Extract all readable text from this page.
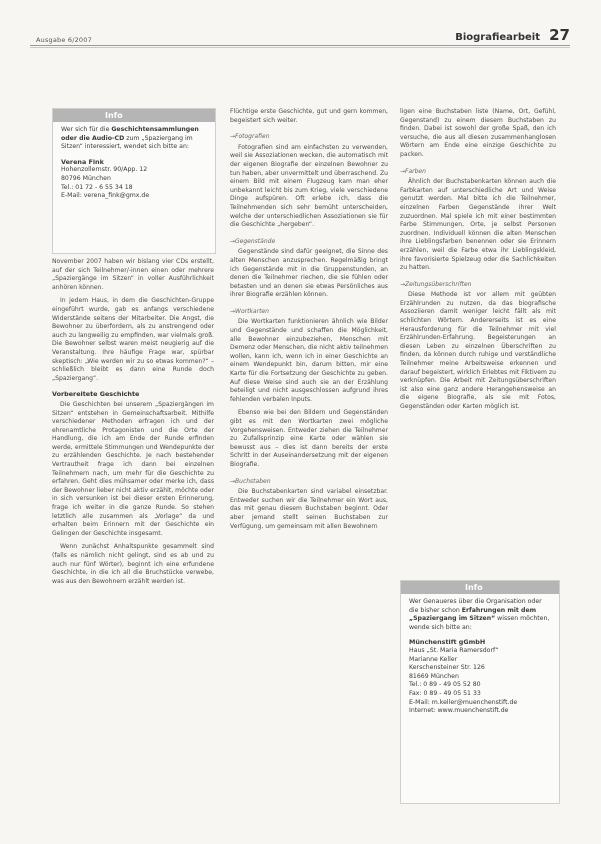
Ausgabe 6/2007	Biografiearbeit 27
Info

Wer sich für die Geschichtensammlungen oder die Audio-CD zum „Spaziergang im Sitzen“ interessiert, wendet sich bitte an:

Verena Fink

Hohenzollernstr. 90/App. 12

80796 München

Tel.: 01 72 - 6 55 34 18

E-Mail: verena_fink@gmx.de

November 2007 haben wir bislang vier CDs erstellt, auf der sich Teilnehmer/-innen einen oder mehrere „Spaziergänge im Sitzen“ in voller Ausführlichkeit anhören können.

In jedem Haus, in dem die Geschichten-Gruppe eingeführt wurde, gab es anfangs verschiedene Widerstände seitens der Mitarbeiter. Die Angst, die Bewohner zu überfordern, als zu anstrengend oder auch zu langweilig zu empfinden, war vielmals groß. Die Bewohner selbst waren meist neugierig auf die Veranstaltung. Ihre häufige Frage war, spürbar skeptisch: „Wie werden wir zu so etwas kommen?“ – schließlich bleibt es dann eine Runde doch „Spaziergang“.

Vorbereitete Geschichte

Die Geschichten bei unserem „Spaziergängen im Sitzen“ entstehen in Gemeinschaftsarbeit. Mithilfe verschiedener Methoden erfragen ich und der ehrenamtliche Protagonisten und die Orte der Handlung, die ich am Ende der Runde erfinden werde, ermittele Stimmungen und Wendepunkte der zu erzählenden Geschichte. Je nach bestehender Vertrautheit frage ich dann bei einzelnen Teilnehmern nach, um mehr für die Geschichte zu erfahren. Geht dies mühsamer oder merke ich, dass der Bewohner lieber nicht aktiv erzählt, möchte oder in sich versunken ist bei dieser ersten Erinnerung, frage ich weiter in die ganze Runde. So stehen letztlich alle zusammen als „Vorlage“ da und erhalten beim Erinnern mit der Geschichte ein Gelingen der Geschichte insgesamt.

Wenn zunächst Anhaltspunkte gesammelt sind (falls es nämlich nicht gelingt, sind es ab und zu auch nur fünf Wörter), beginnt ich eine erfundene Geschichte, in die ich all die Bruchstücke verwebe, was aus den Bewohnern erzählt werden ist.

Flüchtige erste Geschichte, gut und gern kommen, begeistert sich weiter.

→ Fotografien

Fotografien sind am einfachsten zu verwenden, weil sie Assoziationen wecken, die automatisch mit der eigenen Biografie der einzelnen Bewohner zu tun haben, aber unvermittelt und überraschend. Zu einem Bild mit einem Flugzeug kam man eher unbekannt leicht bis zum Krieg, viele verschiedene Dinge aufspüren. Oft erlebe ich, dass die Teilnehmenden sich sehr bemüht unterscheiden, welche der unterschiedlichen Assoziationen sie für die Geschichte „hergeben“.

→ Gegenstände

Gegenstände sind dafür geeignet, die Sinne des alten Menschen anzusprechen. Regelmäßig bringt ich Gegenstände mit in die Gruppenstunden, an denen die Teilnehmer riechen, die sie fühlen oder betasten und an denen sie etwas Persönliches aus ihrer Biografie erzählen können.

→ Wortkarten

Die Wortkarten funktionieren ähnlich wie Bilder und Gegenstände und schaffen die Möglichkeit, alle Bewohner einzubeziehen, Menschen mit Demenz oder Menschen, die nicht aktiv teilnehmen wollen, kann ich, wenn ich in einer Geschichte an einem Wendepunkt bin, darum bitten, mir eine Karte für die Fortsetzung der Geschichte zu geben. Auf diese Weise sind auch sie an der Erzählung beteiligt und nicht ausgeschlossen aufgrund ihres fehlenden verbalen Inputs.

Ebenso wie bei den Bildern und Gegenständen gibt es mit den Wortkarten zwei mögliche Vorgehensweisen. Entweder ziehen die Teilnehmer zu Zufallsprinzip eine Karte oder wählen sie bewusst aus – dies ist dann bereits der erste Schritt in der Auseinandersetzung mit der eigenen Biografie.

→ Buchstaben

Die Buchstabenkarten sind variabel einsetzbar. Entweder suchen wir die Teilnehmer ein Wort aus, das mit genau diesem Buchstaben beginnt. Oder aber jemand stellt seinen Buchstaben zur Verfügung, um gemeinsam mit allen Bewohnern

ligen eine Buchstaben liste (Name, Ort, Gefühl, Gegenstand) zu einem diesem Buchstaben zu finden. Dabei ist sowohl der große Spaß, den ich versuche, die aus all diesen zusammenhanglosen Wörtern am Ende eine einzige Geschichte zu packen.

→ Farben

Ähnlich der Buchstabenkarten können auch die Farbkarten auf unterschiedliche Art und Weise genutzt werden. Mal bitte ich die Teilnehmer, einzelnen Farben Gegenstände ihrer Welt zuzuordnen. Mal spiele ich mit einer bestimmten Farbe Stimmungen, Orte, je selbst Personen zuordnen. Individuell können die alten Menschen ihre Lieblingsfarben benennen oder sie Erinnern erzählen, weil die Farbe etwa ihr Lieblingskleid, ihre favorisierte Spielzeug oder die Sachlichkeiten zu hatten.

→ Zeitungsüberschriften

Diese Methode ist vor allem mit geübten Erzählrunden zu nutzen, da das biografische Assoziieren damit weniger leicht fällt als mit schlichten Wörtern. Andererseits ist es eine Herausforderung für die Teilnehmer mit viel Erzählrunden-Erfahrung. Begeisterungen an diesen Leben zu einzelnen Überschriften zu finden, da können durch ruhige und verständliche Teilnehmer meine Arbeitsweise erkennen und darauf begeistert, wirklich Erlebtes mit Fiktivem zu verknüpfen. Die Arbeit mit Zeitungsüberschriften ist also eine ganz andere Herangehensweise an die eigene Biografie, als sie mit Fotos, Gegenständen oder Karten möglich ist.

Info

Wer Genaueres über die Organisation oder die bisher schon Erfahrungen mit dem „Spaziergang im Sitzen“ wissen möchten, wende sich bitte an:

Münchenstift gGmbH

Haus „St. Maria Ramersdorf“

Marianne Keller

Kerschensteiner Str. 126

81669 München

Tel.: 0 89 - 49 05 52 80

Fax: 0 89 - 49 05 51 33

E-Mail: m.keller@muenchenstift.de

Internet: www.muenchenstift.de
